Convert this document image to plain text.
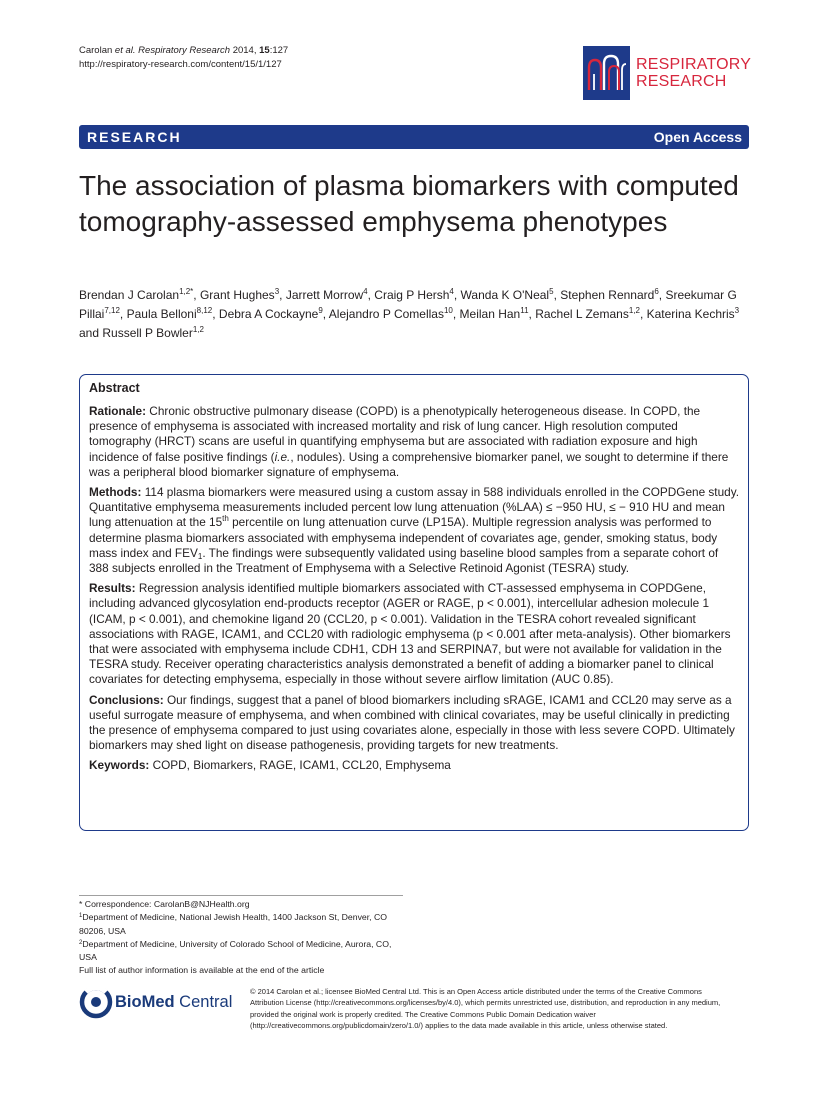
Carolan et al. Respiratory Research 2014, 15:127
http://respiratory-research.com/content/15/1/127	RESPIRATORY
RESEARCH
RESEARCH	Open Access
The association of plasma biomarkers with computed tomography-assessed emphysema phenotypes
Brendan J Carolan$^{1,2*}$, Grant Hughes$^3$, Jarrett Morrow$^4$, Craig P Hersh$^4$, Wanda K O'Neal$^5$, Stephen Rennard$^6$, Sreekumar G Pillai$^{7,12}$, Paula Belloni$^{8,12}$, Debra A Cockayne$^9$, Alejandro P Comellas$^{10}$, Meilan Han$^{11}$, Rachel L Zemans$^{1,2}$, Katerina Kechris$^3$ and Russell P Bowler$^{1,2}$
Abstract

Rationale: Chronic obstructive pulmonary disease (COPD) is a phenotypically heterogeneous disease. In COPD, the presence of emphysema is associated with increased mortality and risk of lung cancer. High resolution computed tomography (HRCT) scans are useful in quantifying emphysema but are associated with radiation exposure and high incidence of false positive findings (i.e., nodules). Using a comprehensive biomarker panel, we sought to determine if there was a peripheral blood biomarker signature of emphysema.

Methods: 114 plasma biomarkers were measured using a custom assay in 588 individuals enrolled in the COPDGene study. Quantitative emphysema measurements included percent low lung attenuation (%LAA) ≤ −950 HU, ≤ − 910 HU and mean lung attenuation at the 15th percentile on lung attenuation curve (LP15A). Multiple regression analysis was performed to determine plasma biomarkers associated with emphysema independent of covariates age, gender, smoking status, body mass index and $FEV_1$. The findings were subsequently validated using baseline blood samples from a separate cohort of 388 subjects enrolled in the Treatment of Emphysema with a Selective Retinoid Agonist (TESRA) study.

Results: Regression analysis identified multiple biomarkers associated with CT-assessed emphysema in COPDGene, including advanced glycosylation end-products receptor (AGER or RAGE, p < 0.001), intercellular adhesion molecule 1 (ICAM, p < 0.001), and chemokine ligand 20 (CCL20, p < 0.001). Validation in the TESRA cohort revealed significant associations with RAGE, ICAM1, and CCL20 with radiologic emphysema (p < 0.001 after meta-analysis). Other biomarkers that were associated with emphysema include CDH1, CDH 13 and SERPINA7, but were not available for validation in the TESRA study. Receiver operating characteristics analysis demonstrated a benefit of adding a biomarker panel to clinical covariates for detecting emphysema, especially in those without severe airflow limitation (AUC 0.85).

Conclusions: Our findings, suggest that a panel of blood biomarkers including sRAGE, ICAM1 and CCL20 may serve as a useful surrogate measure of emphysema, and when combined with clinical covariates, may be useful clinically in predicting the presence of emphysema compared to just using covariates alone, especially in those with less severe COPD. Ultimately biomarkers may shed light on disease pathogenesis, providing targets for new treatments.

Keywords: COPD, Biomarkers, RAGE, ICAM1, CCL20, Emphysema

* Correspondence: CarolanB@NJHealth.org
$^1$Department of Medicine, National Jewish Health, 1400 Jackson St, Denver, CO 80206, USA
$^2$Department of Medicine, University of Colorado School of Medicine, Aurora, CO, USA
Full list of author information is available at the end of the article
BioMed Central
© 2014 Carolan et al.; licensee BioMed Central Ltd. This is an Open Access article distributed under the terms of the Creative Commons Attribution License (http://creativecommons.org/licenses/by/4.0), which permits unrestricted use, distribution, and reproduction in any medium, provided the original work is properly credited. The Creative Commons Public Domain Dedication waiver (http://creativecommons.org/publicdomain/zero/1.0/) applies to the data made available in this article, unless otherwise stated.
